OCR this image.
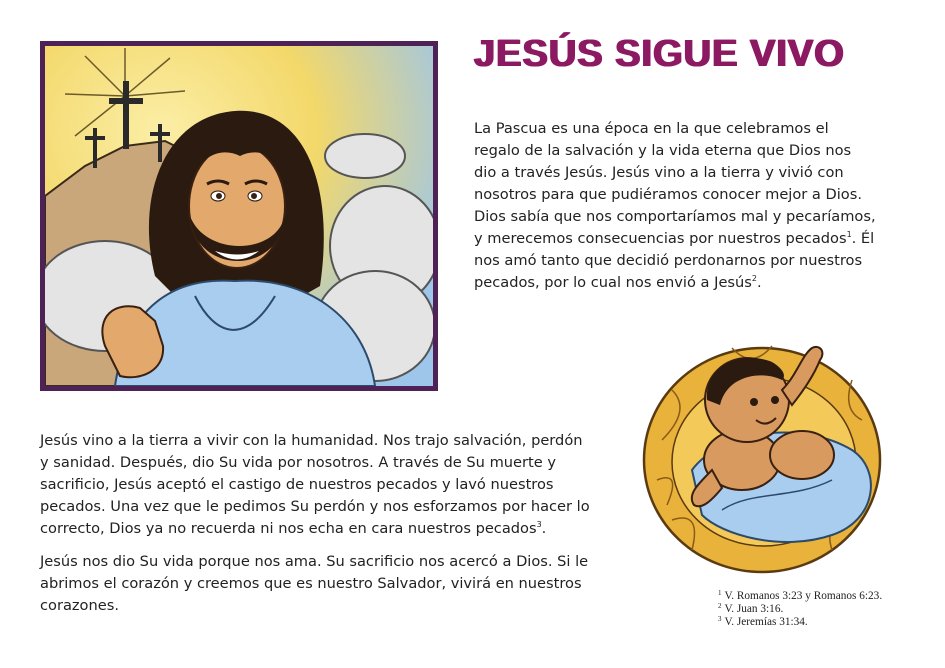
JESÚS SIGUE VIVO

La Pascua es una época en la que celebramos el
regalo de la salvación y la vida eterna que Dios nos
dio a través Jesús. Jesús vino a la tierra y vivió con
nosotros para que pudiéramos conocer mejor a Dios.
Dios sabía que nos comportaríamos mal y pecaríamos,
y merecemos consecuencias por nuestros pecados$^1$. Él
nos amó tanto que decidió perdonarnos por nuestros
pecados, por lo cual nos envió a Jesús$^2$.

Jesús vino a la tierra a vivir con la humanidad. Nos trajo salvación, perdón
y sanidad. Después, dio Su vida por nosotros. A través de Su muerte y
sacrificio, Jesús aceptó el castigo de nuestros pecados y lavó nuestros
pecados. Una vez que le pedimos Su perdón y nos esforzamos por hacer lo
correcto, Dios ya no recuerda ni nos echa en cara nuestros pecados$^3$.

Jesús nos dio Su vida porque nos ama. Su sacrificio nos acercó a Dios. Si le
abrimos el corazón y creemos que es nuestro Salvador, vivirá en nuestros
corazones.

$^1$ V. Romanos 3:23 y Romanos 6:23.
$^2$ V. Juan 3:16.
$^3$ V. Jeremías 31:34.
